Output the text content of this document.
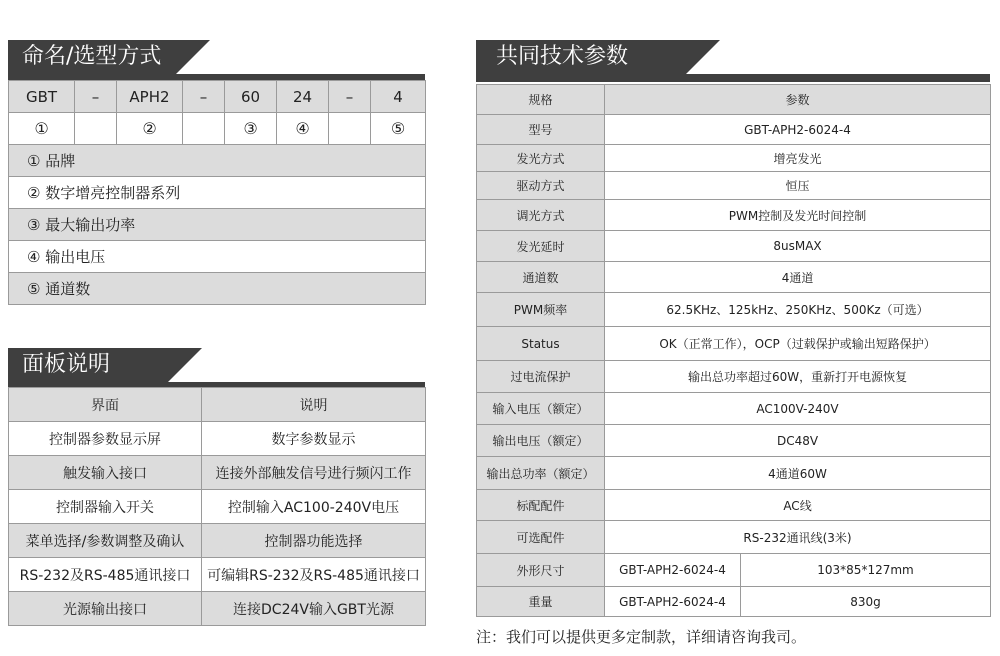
命名/选型方式
GBT	–	APH2	–	60	24	–	4
①		②		③	④		⑤
① 品牌							
② 数字增亮控制器系列							
③ 最大输出功率							
④ 输出电压							
⑤ 通道数							
面板说明
界面	说明
控制器参数显示屏	数字参数显示
触发输入接口	连接外部触发信号进行频闪工作
控制器输入开关	控制输入AC100-240V电压
菜单选择/参数调整及确认	控制器功能选择
RS-232及RS-485通讯接口	可编辑RS-232及RS-485通讯接口
光源输出接口	连接DC24V输入GBT光源
共同技术参数
规格	参数	
型号	GBT-APH2-6024-4	
发光方式	增亮发光	
驱动方式	恒压	
调光方式	PWM控制及发光时间控制	
发光延时	8usMAX	
通道数	4通道	
PWM频率	62.5KHz、125kHz、250KHz、500Kz（可选）	
Status	OK（正常工作），OCP（过载保护或输出短路保护）	
过电流保护	输出总功率超过60W，重新打开电源恢复	
输入电压（额定）	AC100V-240V	
输出电压（额定）	DC48V	
输出总功率（额定）	4通道60W	
标配配件	AC线	
可选配件	RS-232通讯线(3米)	
外形尺寸	GBT-APH2-6024-4	103*85*127mm
重量	GBT-APH2-6024-4	830g
注：我们可以提供更多定制款，详细请咨询我司。
